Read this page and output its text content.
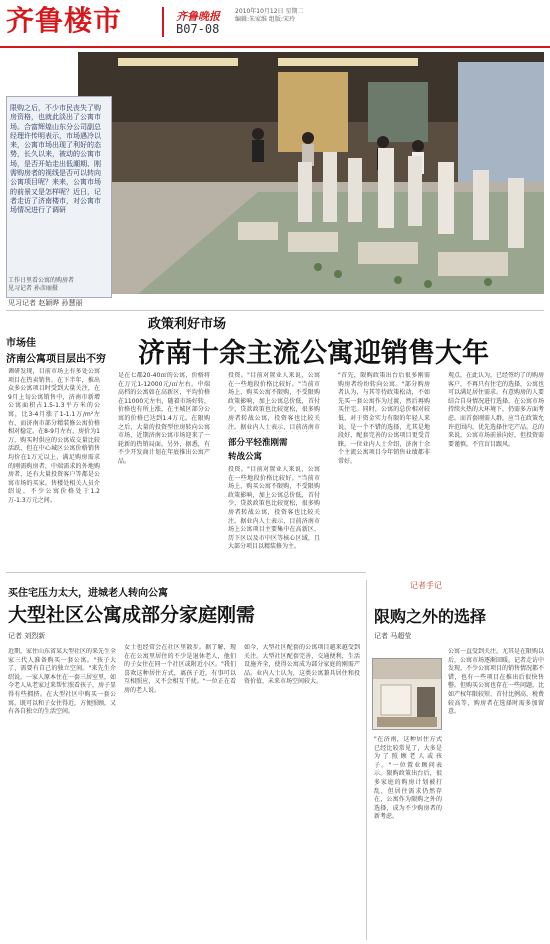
齐鲁楼市	齐鲁晚报
B07-08
2010年10月12日 星期二
编辑:朱家维 组版:宋玲
限购之后，不少市民丧失了购房资格，也就此淡出了公寓市场。合富辉煌山东分公司副总经理许传明表示，市场遇冷以来，公寓市场出现了利好的态势，长久以来，被动的公寓市场，是否开始走出低潮期、刚需购房者的视线是否可以转向公寓项目呢？来来，公寓市场的前景又是怎样呢？近日，记者走访了济南楼市，对公寓市场情况进行了调研
工作日里看公寓的购房者
见习记者 孙彦丽摄
见习记者 赵颖晔 孙慧丽
政策利好市场
济南十余主流公寓迎销售大年
市场佳
济南公寓项目层出不穷
调研发现，目前市场上有多处公寓项目在热卖销售。在下半年，推出众多公寓项目时受到大量关注，在9月上旬公寓销售中，济南市新增公寓面积占1.5-1.3平方米的公寓，比3-4月涨了1-1.1万/m²左右，而济南市部分精装修公寓价格相对稳定。在8-9月左右，房价为1万，购买时供应的公寓成交量比较活跃，但在中心城区公寓价格销售均价在1万元以上，满足购房需求的刚需购房者，中端需求的外地购房者，还有大量投资客户等都是公寓市场的买家。售楼处相关人员介绍说，不少公寓价格处于1.2万-1.3万元之间。
是在七都20-40㎡的公寓，价格将在万元1-12000元/㎡左右。中端高档的公寓如在高新区，平均价格在11000元左右，随着市场好转，价格也有所上涨，在主城区部分公寓的价格已达到1.4万元。在限购之后，大量的投资型住房转向公寓市场，近期济南公寓市场迎来了一轮新的热销局面。另外，据悉，有不少开发商计划在年底推出公寓产品。
投资。"目前对置业人来说，公寓在一些地段价格比较好。"当前市场上，购买公寓不限购，不受限购政策影响，加上公寓总价低，首付少，贷款政策也比较宽松，很多购房者转战公寓，投资客也比较关注。据业内人士表示，目前济南市
部分平轻淮刚需
转战公寓
投资。"目前对置业人来说，公寓在一些地段价格比较好。"当前市场上，购买公寓不限购，不受限购政策影响，加上公寓总价低，首付少，贷款政策也比较宽松，很多购房者转战公寓，投资客也比较关注。据业内人士表示，目前济南市场上公寓项目主要集中在高新区、历下区以及市中区等核心区域，且大部分项目以精装修为主。
"首先，限购政策出台后很多刚需购房者纷纷转向公寓。"部分购房者认为，与其等待政策松动，不如先买一套公寓作为过渡，然后再购买住宅。同时，公寓的总价相对较低，对于资金实力有限的年轻人来说，是一个不错的选择，尤其是地段好、配套完善的公寓项目更受青睐。一位业内人士介绍，济南十余个主流公寓项目今年销售业绩都非常好。
观点，在此认为，已经签约了的购房客户，不再只有住宅的选择，公寓也可以满足居住需求。有意购房的人要结合自身情况进行选择，在公寓市场持续火热的大环境下，仍需多方面考虑。而首套刚需人群，应当在政策允许范围内，优先选择住宅产品。总的来说，公寓市场前景向好，但投资需要谨慎，不宜盲目跟风。
买住宅压力太大，进城老人转向公寓
大型社区公寓成部分家庭刚需
记者 刘烈新
近期，家住山东省某大型社区的来先生全家三代人准备购买一套公寓。"孩子大了，需要有自己的独立空间。"来先生介绍说，一家人原本住在一套三居室里，如今老人从老家过来帮忙照看孩子，房子显得有些拥挤。在大型社区中购买一套公寓，既可以和子女住得近，方便照顾，又有各自独立的生活空间。
女士也经常会在社区里散步。据了解，现在在公寓里居住的不少是退休老人，他们的子女住在同一个社区或附近小区。"我们喜欢这种居住方式，离孩子近，有事可以互相照应，又不会相互干扰。"一位正在看房的老人说。
如今，大型社区配套的公寓项目越来越受到关注。大型社区配套完善，交通便利，生活设施齐全，使得公寓成为部分家庭的刚需产品。业内人士认为，这类公寓兼具居住和投资价值，未来市场空间较大。
记者手记
限购之外的选择
记者 马超莹
"在济南，这种居住方式已经比较常见了，大多是为了照顾老人或孩子。"一位置业顾问表示。限购政策出台后，很多家庭的购房计划被打乱，但居住需求仍然存在，公寓作为限购之外的选择，成为不少购房者的新考虑。
公寓一直受到关注，尤其是在限购以后，公寓市场逐渐回暖。记者走访中发现，不少公寓项目的销售情况都不错，也有一些项目在推出后很快售罄。但购买公寓也存在一些问题，比如产权年限较短、首付比例高、税费较高等，购房者在选择时需多加留意。
